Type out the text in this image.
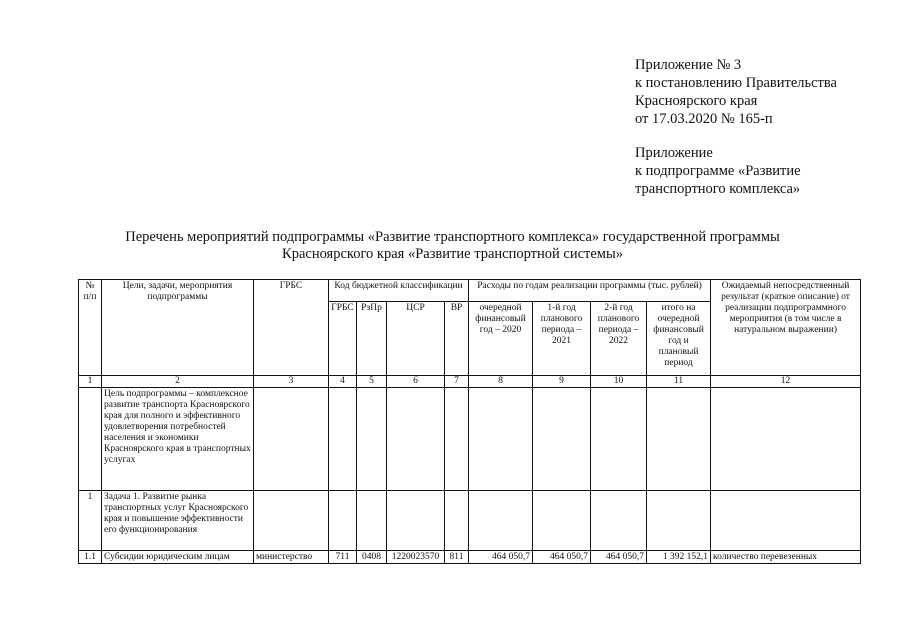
Приложение № 3
к постановлению Правительства
Красноярского края
от 17.03.2020 № 165-п
Приложение
к подпрограмме «Развитие
транспортного комплекса»
Перечень мероприятий подпрограммы «Развитие транспортного комплекса» государственной программы
Красноярского края «Развитие транспортной системы»
№ п/п	Цели, задачи, мероприятия подпрограммы	ГРБС	Код бюджетной классификации				Расходы по годам реализации программы (тыс. рублей)				Ожидаемый непосредственный результат (краткое описание) от реализации подпрограммного мероприятия (в том числе в натуральном выражении)
			ГРБС	РзПр	ЦСР	ВР	очередной финансовый год – 2020	1-й год планового периода – 2021	2-й год планового периода – 2022	итого на очередной финансовый год и плановый период	
1	2	3	4	5	6	7	8	9	10	11	12
	Цель подпрограммы – комплексное развитие транспорта Красноярского края для полного и эффективного удовлетворения потребностей населения и экономики Красноярского края в транспортных услугах										
1	Задача 1. Развитие рынка транспортных услуг Красноярского края и повышение эффективности его функционирования										
1.1	Субсидии юридическим лицам	министерство	711	0408	1220023570	811	464 050,7	464 050,7	464 050,7	1 392 152,1	количество перевезенных
